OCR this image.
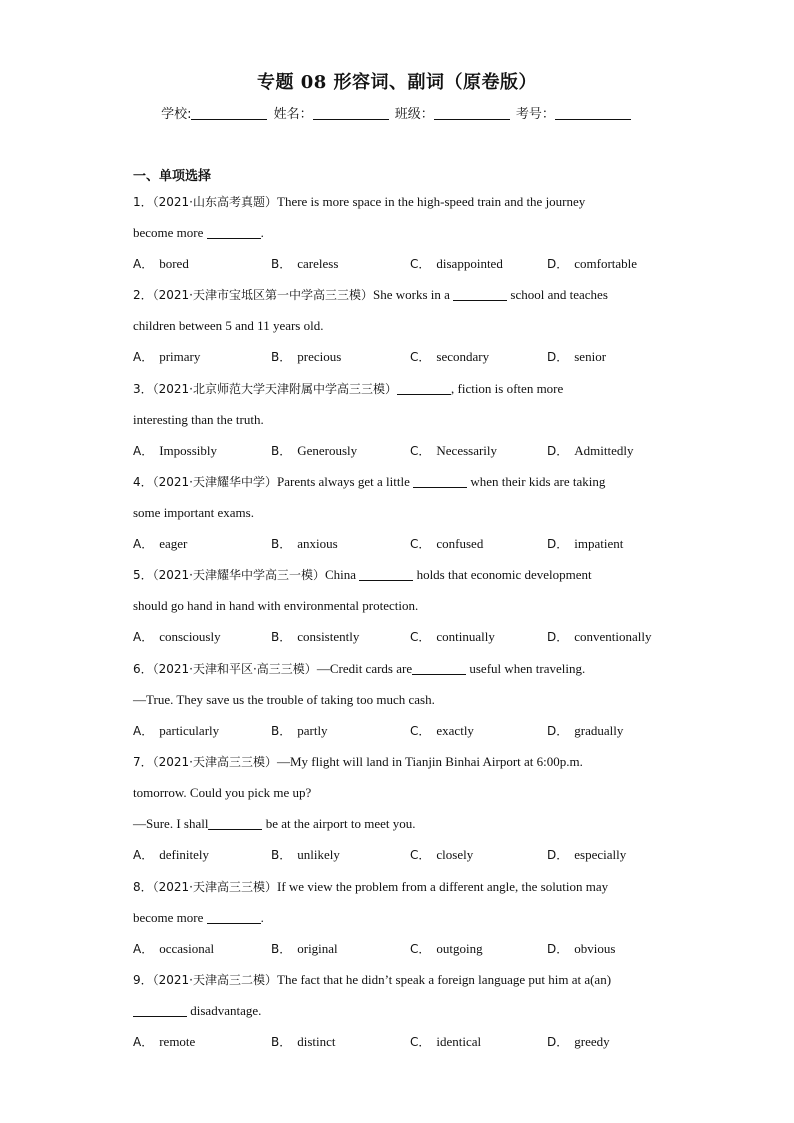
专题 08 形容词、副词（原卷版）
学校:	姓名：	班级：	考号：
一、单项选择
1．（2021·山东高考真题）There is more space in the high-speed train and the journey
become more	.
A． bored	B． careless	C． disappointed	D． comfortable
2．（2021·天津市宝坻区第一中学高三三模）She works in a	school and teaches
children between 5 and 11 years old.
A． primary	B． precious	C． secondary	D． senior
3．（2021·北京师范大学天津附属中学高三三模）	, fiction is often more
interesting than the truth.
A． Impossibly	B． Generously	C． Necessarily	D． Admittedly
4．（2021·天津耀华中学）Parents always get a little	when their kids are taking
some important exams.
A． eager	B． anxious	C． confused	D． impatient
5．（2021·天津耀华中学高三一模）China	holds that economic development
should go hand in hand with environmental protection.
A． consciously	B． consistently	C． continually	D． conventionally
6．（2021·天津和平区·高三三模）—Credit cards are	useful when traveling.
—True. They save us the trouble of taking too much cash.
A． particularly	B． partly	C． exactly	D． gradually
7．（2021·天津高三三模）—My flight will land in Tianjin Binhai Airport at 6:00p.m.
tomorrow. Could you pick me up?
—Sure. I shall	be at the airport to meet you.
A． definitely	B． unlikely	C． closely	D． especially
8．（2021·天津高三三模）If we view the problem from a different angle, the solution may
become more	.
A． occasional	B． original	C． outgoing	D． obvious
9．（2021·天津高三二模）The fact that he didn’t speak a foreign language put him at a(an)
disadvantage.
A． remote	B． distinct	C． identical	D． greedy
